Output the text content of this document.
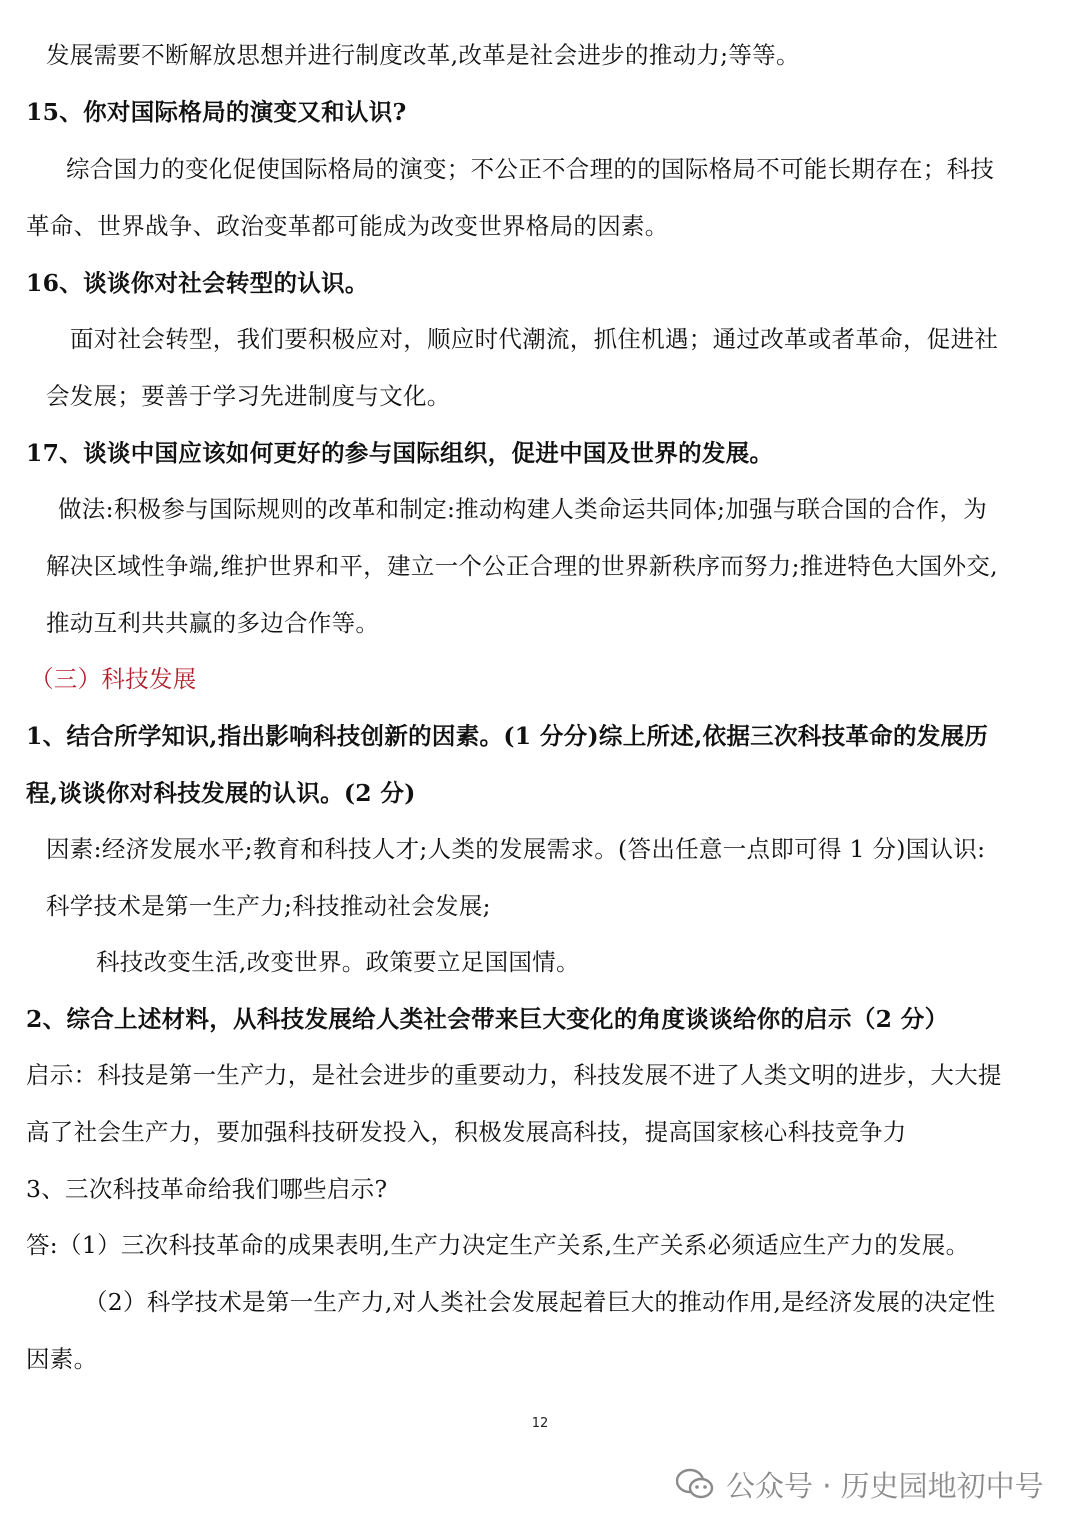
发展需要不断解放思想并进行制度改革,改革是社会进步的推动力;等等。
15、你对国际格局的演变又和认识?
综合国力的变化促使国际格局的演变；不公正不合理的的国际格局不可能长期存在；科技
革命、世界战争、政治变革都可能成为改变世界格局的因素。
16、谈谈你对社会转型的认识。
面对社会转型，我们要积极应对，顺应时代潮流，抓住机遇；通过改革或者革命，促进社
会发展；要善于学习先进制度与文化。
17、谈谈中国应该如何更好的参与国际组织，促进中国及世界的发展。
做法:积极参与国际规则的改革和制定:推动构建人类命运共同体;加强与联合国的合作，为
解决区域性争端,维护世界和平，建立一个公正合理的世界新秩序而努力;推进特色大国外交,
推动互利共共赢的多边合作等。
（三）科技发展
1、结合所学知识,指出影响科技创新的因素。(1 分分)综上所述,依据三次科技革命的发展历
程,谈谈你对科技发展的认识。(2 分)
因素:经济发展水平;教育和科技人才;人类的发展需求。(答出任意一点即可得 1 分)国认识:
科学技术是第一生产力;科技推动社会发展;
科技改变生活,改变世界。政策要立足国国情。
2、综合上述材料，从科技发展给人类社会带来巨大变化的角度谈谈给你的启示（2 分）
启示：科技是第一生产力，是社会进步的重要动力，科技发展不进了人类文明的进步，大大提
高了社会生产力，要加强科技研发投入，积极发展高科技，提高国家核心科技竞争力
3、三次科技革命给我们哪些启示?
答:（1）三次科技革命的成果表明,生产力决定生产关系,生产关系必须适应生产力的发展。
（2）科学技术是第一生产力,对人类社会发展起着巨大的推动作用,是经济发展的决定性
因素。
12
公众号 · 历史园地初中号
